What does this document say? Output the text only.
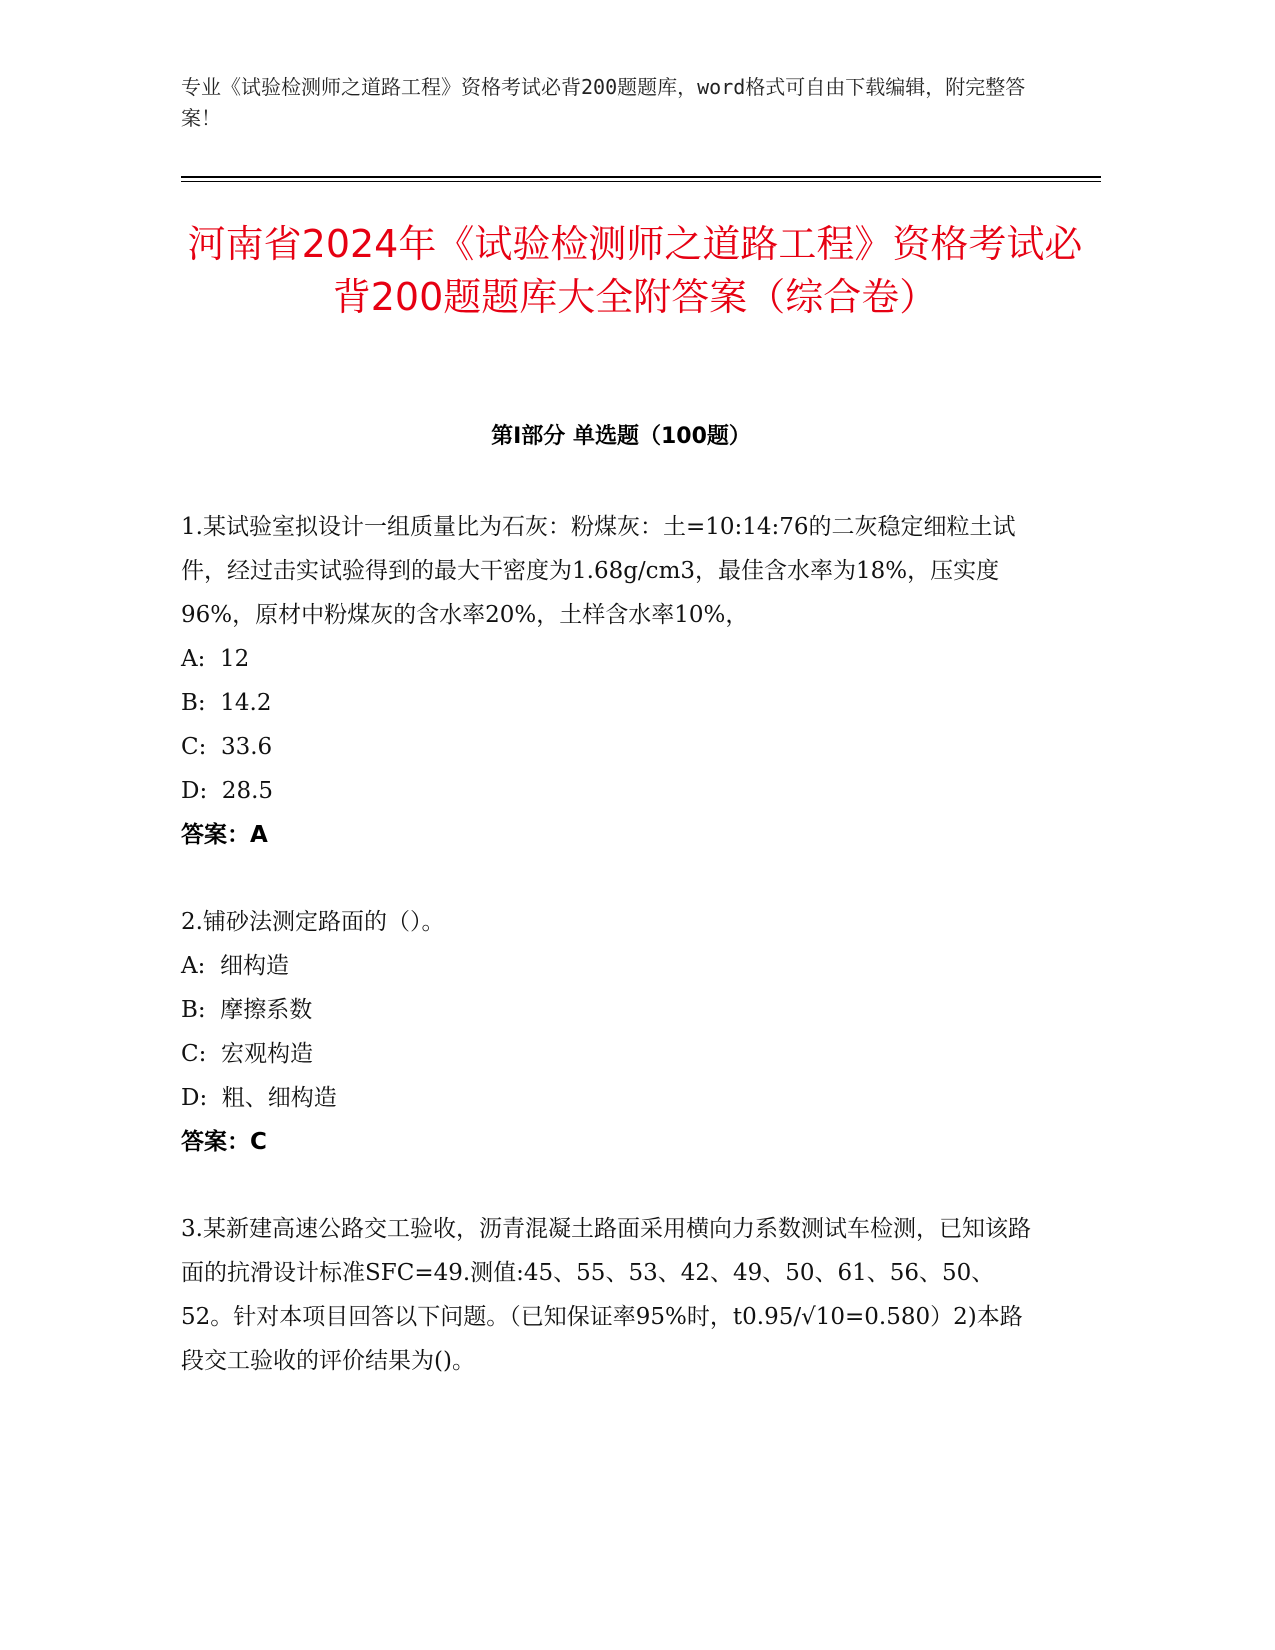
专业《试验检测师之道路工程》资格考试必背200题题库，word格式可自由下载编辑，附完整答案！
河南省2024年《试验检测师之道路工程》资格考试必背200题题库大全附答案（综合卷）
第I部分 单选题（100题）
1.某试验室拟设计一组质量比为石灰：粉煤灰：土=10:14:76的二灰稳定细粒土试件，经过击实试验得到的最大干密度为1.68g/cm3，最佳含水率为18%，压实度96%，原材中粉煤灰的含水率20%，土样含水率10%，
A:  12
B:  14.2
C:  33.6
D:  28.5
答案：A
2.铺砂法测定路面的（）。
A:  细构造
B:  摩擦系数
C:  宏观构造
D:  粗、细构造
答案：C
3.某新建高速公路交工验收，沥青混凝土路面采用横向力系数测试车检测，已知该路面的抗滑设计标准SFC=49.测值:45、55、53、42、49、50、61、56、50、52。针对本项目回答以下问题。（已知保证率95%时，t0.95/√10=0.580）2)本路段交工验收的评价结果为()。
